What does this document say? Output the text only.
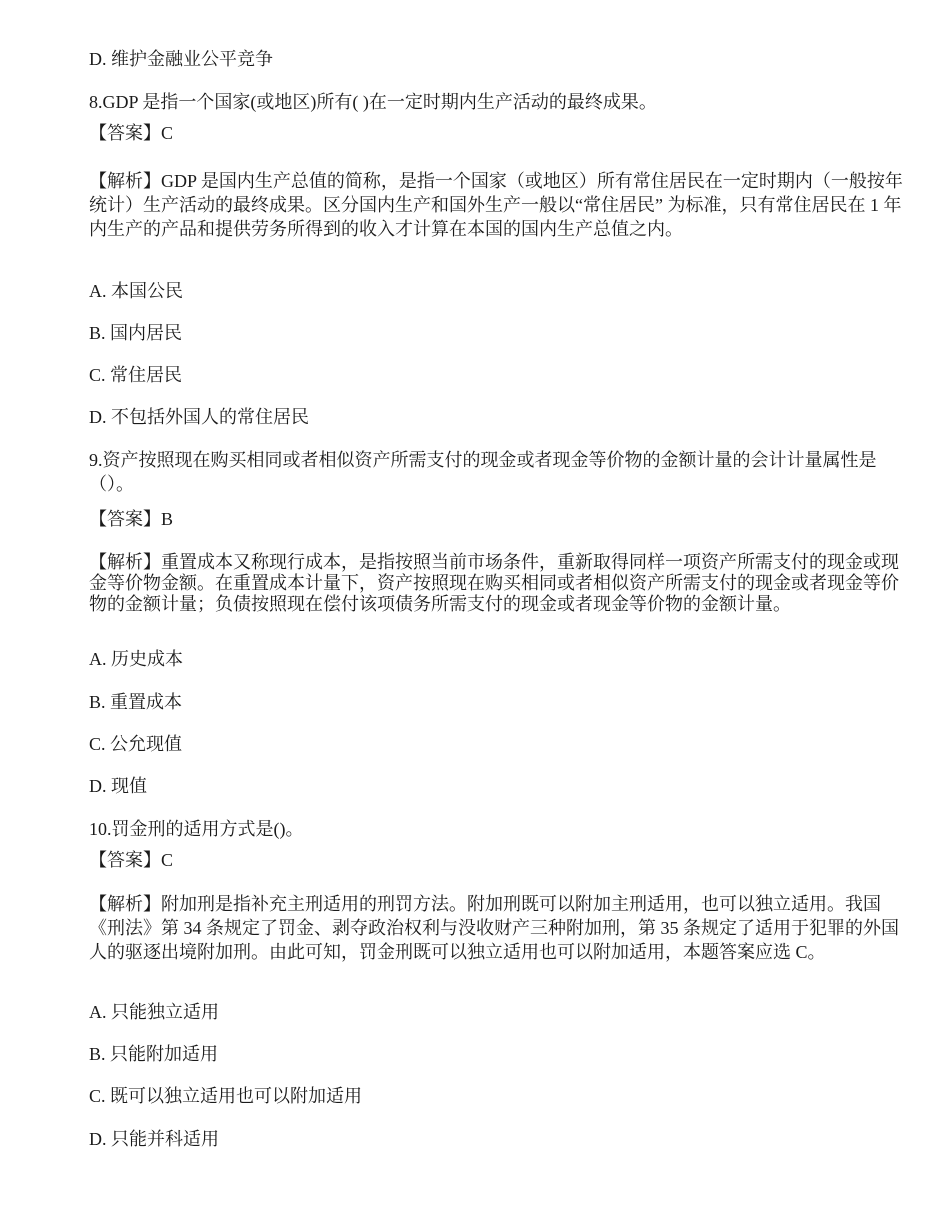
D. 维护金融业公平竞争
8.GDP 是指一个国家(或地区)所有( )在一定时期内生产活动的最终成果。
【答案】C
【解析】GDP 是国内生产总值的简称，是指一个国家（或地区）所有常住居民在一定时期内（一般按年统计）生产活动的最终成果。区分国内生产和国外生产一般以“常住居民” 为标准，只有常住居民在 1 年内生产的产品和提供劳务所得到的收入才计算在本国的国内生产总值之内。
A. 本国公民
B. 国内居民
C. 常住居民
D. 不包括外国人的常住居民
9.资产按照现在购买相同或者相似资产所需支付的现金或者现金等价物的金额计量的会计计量属性是（）。
【答案】B
【解析】重置成本又称现行成本，是指按照当前市场条件，重新取得同样一项资产所需支付的现金或现金等价物金额。在重置成本计量下，资产按照现在购买相同或者相似资产所需支付的现金或者现金等价物的金额计量；负债按照现在偿付该项债务所需支付的现金或者现金等价物的金额计量。
A. 历史成本
B. 重置成本
C. 公允现值
D. 现值
10.罚金刑的适用方式是()。
【答案】C
【解析】附加刑是指补充主刑适用的刑罚方法。附加刑既可以附加主刑适用，也可以独立适用。我国《刑法》第 34 条规定了罚金、剥夺政治权利与没收财产三种附加刑，第 35 条规定了适用于犯罪的外国人的驱逐出境附加刑。由此可知，罚金刑既可以独立适用也可以附加适用，本题答案应选 C。
A. 只能独立适用
B. 只能附加适用
C. 既可以独立适用也可以附加适用
D. 只能并科适用
